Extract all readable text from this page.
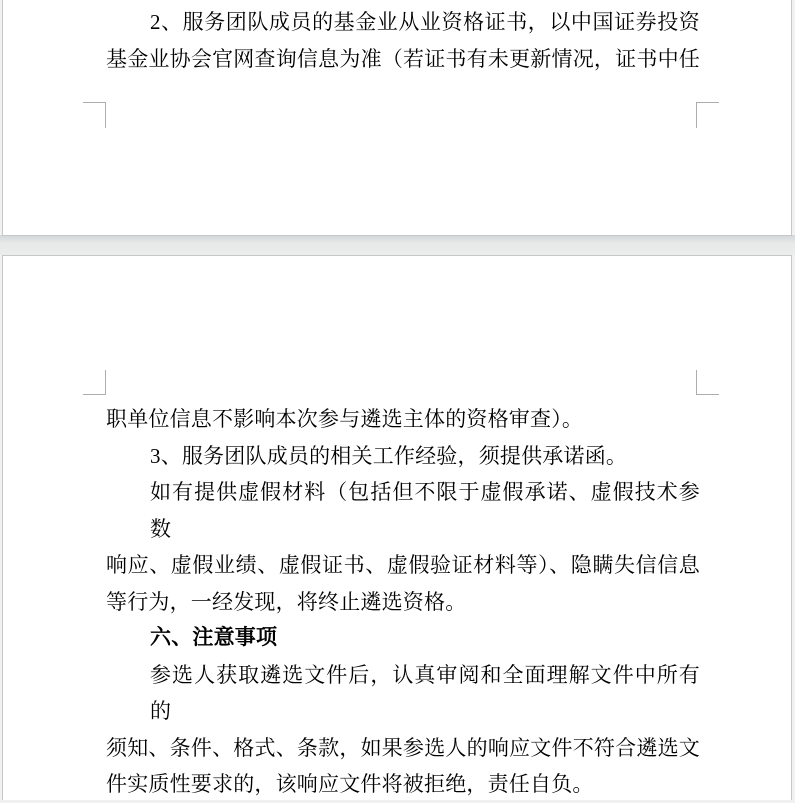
2、服务团队成员的基金业从业资格证书，以中国证券投资
基金业协会官网查询信息为准（若证书有未更新情况，证书中任
职单位信息不影响本次参与遴选主体的资格审查）。
3、服务团队成员的相关工作经验，须提供承诺函。
如有提供虚假材料（包括但不限于虚假承诺、虚假技术参数
响应、虚假业绩、虚假证书、虚假验证材料等）、隐瞒失信信息
等行为，一经发现，将终止遴选资格。
六、注意事项
参选人获取遴选文件后，认真审阅和全面理解文件中所有的
须知、条件、格式、条款，如果参选人的响应文件不符合遴选文
件实质性要求的，该响应文件将被拒绝，责任自负。
